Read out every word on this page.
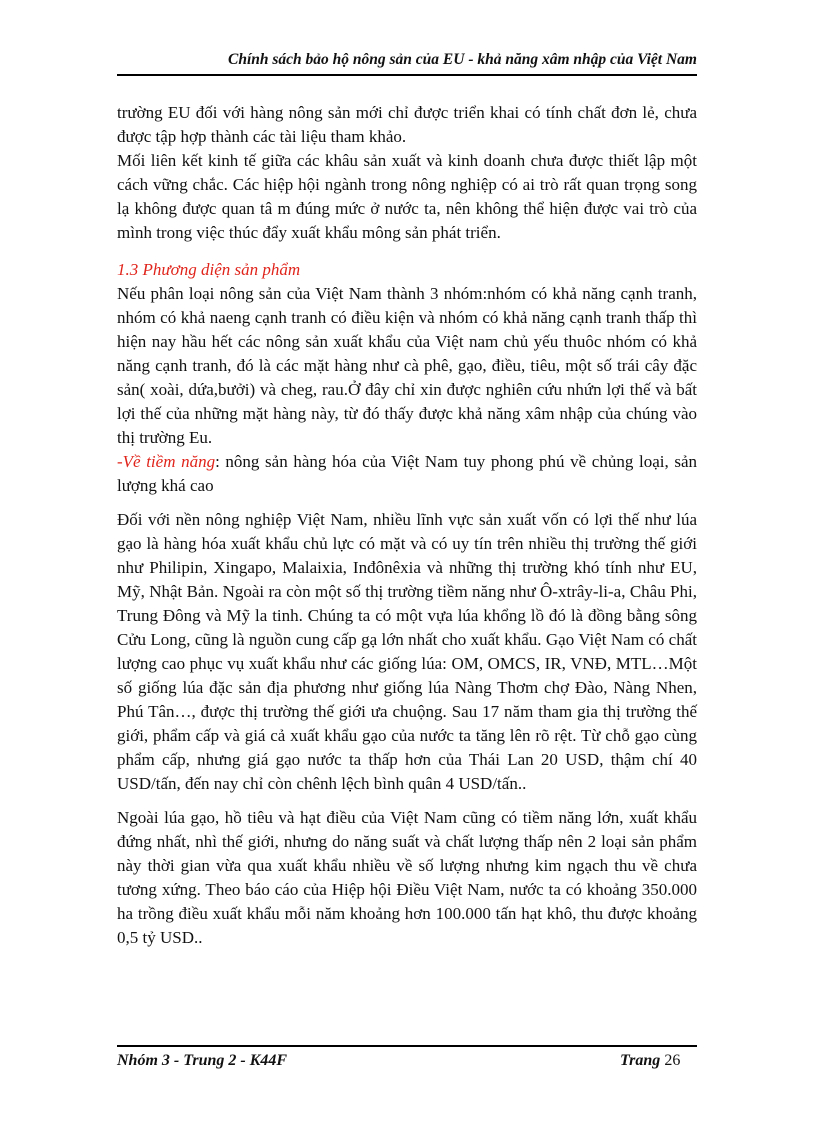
Chính sách bảo hộ nông sản của EU - khả năng xâm nhập của Việt Nam

trường EU đối với hàng nông sản mới chỉ được triển khai có tính chất đơn lẻ, chưa được tập hợp thành các tài liệu tham khảo.

Mối liên kết kinh tế giữa các khâu sản xuất và kinh doanh chưa được thiết lập một cách vững chắc. Các hiệp hội ngành trong nông nghiệp có ai trò rất quan trọng song lạ không được quan tâ m đúng mức ở nước ta, nên không thể hiện được vai trò của mình trong việc thúc đẩy xuất khẩu mông sản phát triển.

1.3 Phương diện sản phẩm

Nếu phân loại nông sản của Việt Nam thành 3 nhóm:nhóm có khả năng cạnh tranh, nhóm có khả naeng cạnh tranh có điều kiện và nhóm có khả năng cạnh tranh thấp thì hiện nay hầu hết các nông sản xuất khẩu của Việt nam chủ yếu thuôc nhóm có khả năng cạnh tranh, đó là các mặt hàng như cà phê, gạo, điều, tiêu, một số trái cây đặc sản( xoài, dứa,bưởi) và cheg, rau.Ở đây chỉ xin được nghiên cứu nhứn lợi thế và bất lợi thế của những mặt hàng này, từ đó thấy được khả năng xâm nhập của chúng vào thị trường Eu.

-Về tiềm năng: nông sản hàng hóa của Việt Nam tuy phong phú về chủng loại, sản lượng khá cao

Đối với nền nông nghiệp Việt Nam, nhiều lĩnh vực sản xuất vốn có lợi thế như lúa gạo là hàng hóa xuất khẩu chủ lực có mặt và có uy tín trên nhiều thị trường thế giới như Philipin, Xingapo, Malaixia, Inđônêxia và những thị trường khó tính như EU, Mỹ, Nhật Bản. Ngoài ra còn một số thị trường tiềm năng như Ô-xtrây-li-a, Châu Phi, Trung Đông và Mỹ la tinh. Chúng ta có một vựa lúa khổng lồ đó là đồng bằng sông Cửu Long, cũng là nguồn cung cấp gạ lớn nhất cho xuất khẩu. Gạo Việt Nam có chất lượng cao phục vụ xuất khẩu như các giống lúa: OM, OMCS, IR, VNĐ, MTL…Một số giống lúa đặc sản địa phương như giống lúa Nàng Thơm chợ Đào, Nàng Nhen, Phú Tân…, được thị trường thế giới ưa chuộng. Sau 17 năm tham gia thị trường thế giới, phẩm cấp và giá cả xuất khẩu gạo của nước ta tăng lên rõ rệt. Từ chỗ gạo cùng phẩm cấp, nhưng giá gạo nước ta thấp hơn của Thái Lan 20 USD, thậm chí 40 USD/tấn, đến nay chỉ còn chênh lệch bình quân 4 USD/tấn..

Ngoài lúa gạo, hồ tiêu và hạt điều của Việt Nam cũng có tiềm năng lớn, xuất khẩu đứng nhất, nhì thế giới, nhưng do năng suất và chất lượng thấp nên 2 loại sản phẩm này thời gian vừa qua xuất khẩu nhiều về số lượng nhưng kim ngạch thu về chưa tương xứng. Theo báo cáo của Hiệp hội Điều Việt Nam, nước ta có khoảng 350.000 ha trồng điều xuất khẩu mỗi năm khoảng hơn 100.000 tấn hạt khô, thu được khoảng 0,5 tỷ USD..

Nhóm 3 - Trung 2 - K44F	Trang 26
